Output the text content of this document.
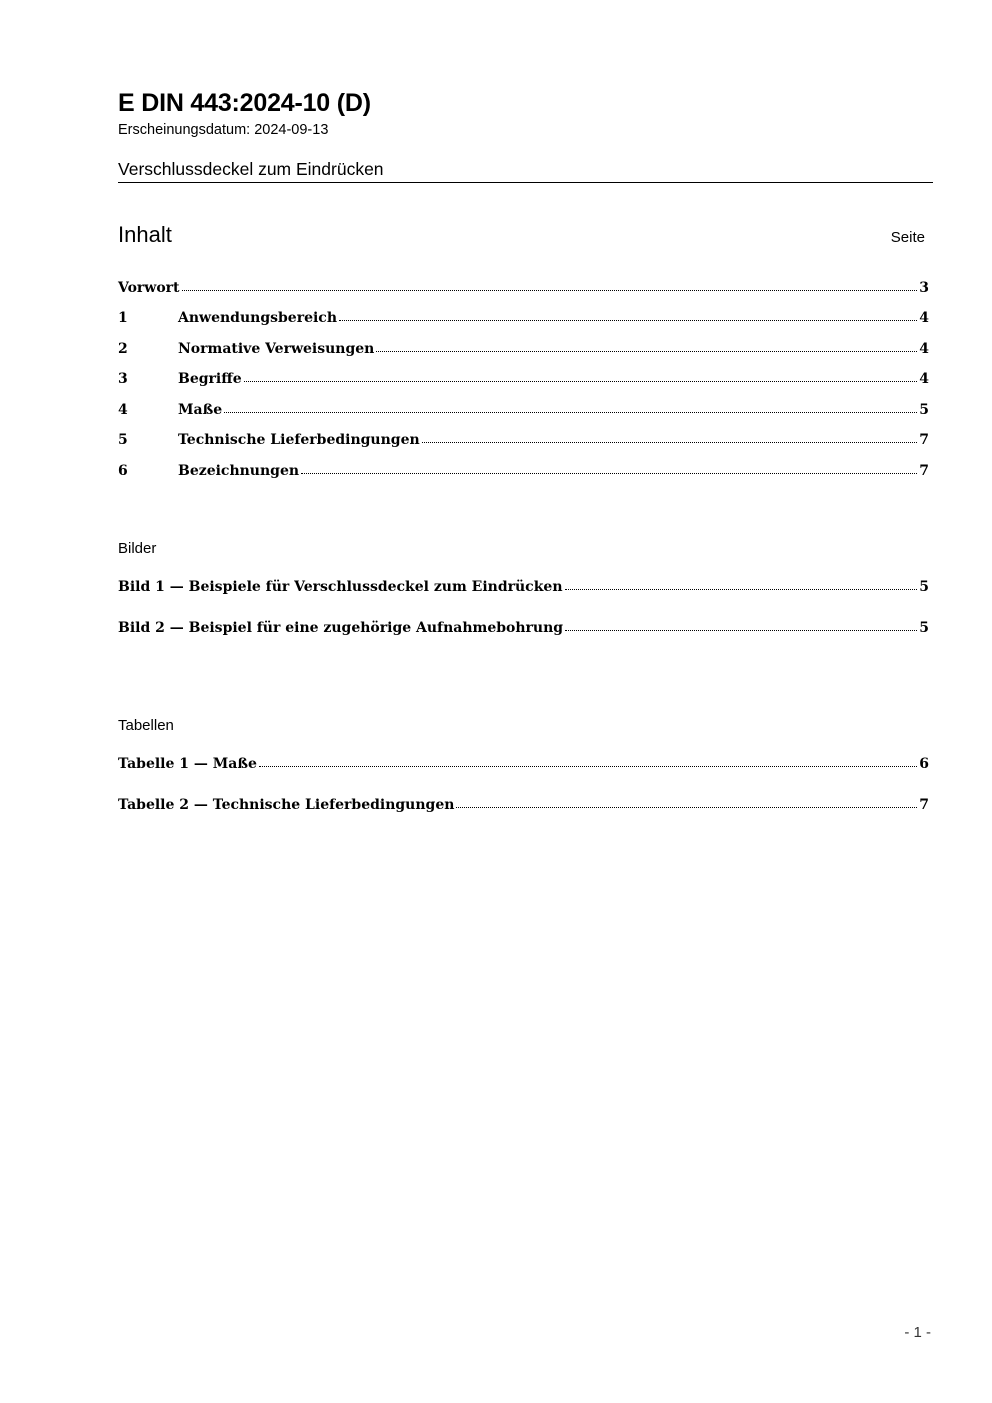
E DIN 443:2024-10 (D)
Erscheinungsdatum: 2024-09-13
Verschlussdeckel zum Eindrücken
Inhalt	Seite
Vorwort	3
1	Anwendungsbereich	4
2	Normative Verweisungen	4
3	Begriffe	4
4	Maße	5
5	Technische Lieferbedingungen	7
6	Bezeichnungen	7
Bilder
Bild 1 — Beispiele für Verschlussdeckel zum Eindrücken	5
Bild 2 — Beispiel für eine zugehörige Aufnahmebohrung	5
Tabellen
Tabelle 1 — Maße	6
Tabelle 2 — Technische Lieferbedingungen	7
- 1 -
